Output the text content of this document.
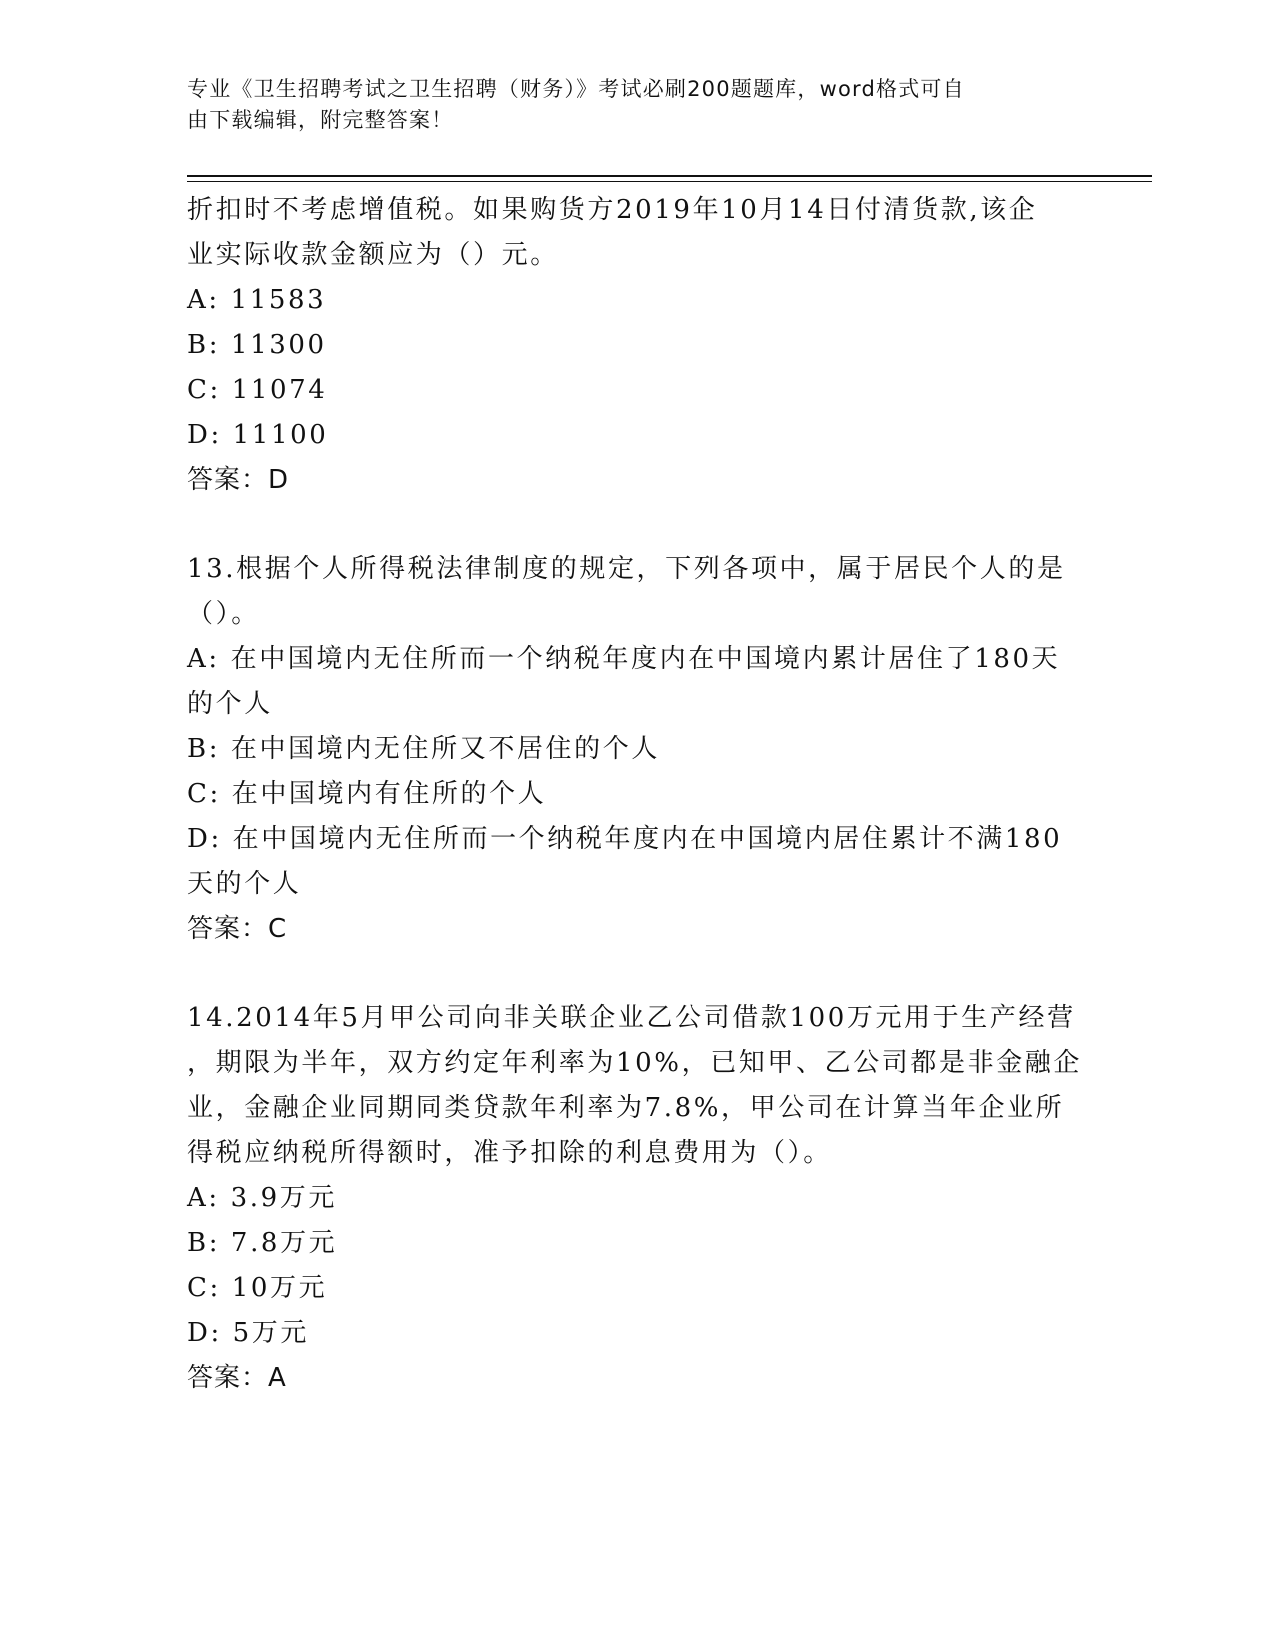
专业《卫生招聘考试之卫生招聘（财务）》考试必刷200题题库，word格式可自
由下载编辑，附完整答案！
折扣时不考虑增值税。如果购货方2019年10月14日付清货款,该企
业实际收款金额应为（）元。
A: 11583
B: 11300
C: 11074
D: 11100
答案：D
13.根据个人所得税法律制度的规定，下列各项中，属于居民个人的是
（）。
A: 在中国境内无住所而一个纳税年度内在中国境内累计居住了180天
的个人
B: 在中国境内无住所又不居住的个人
C: 在中国境内有住所的个人
D: 在中国境内无住所而一个纳税年度内在中国境内居住累计不满180
天的个人
答案：C
14.2014年5月甲公司向非关联企业乙公司借款100万元用于生产经营
，期限为半年，双方约定年利率为10%，已知甲、乙公司都是非金融企
业，金融企业同期同类贷款年利率为7.8%，甲公司在计算当年企业所
得税应纳税所得额时，准予扣除的利息费用为（）。
A: 3.9万元
B: 7.8万元
C: 10万元
D: 5万元
答案：A
